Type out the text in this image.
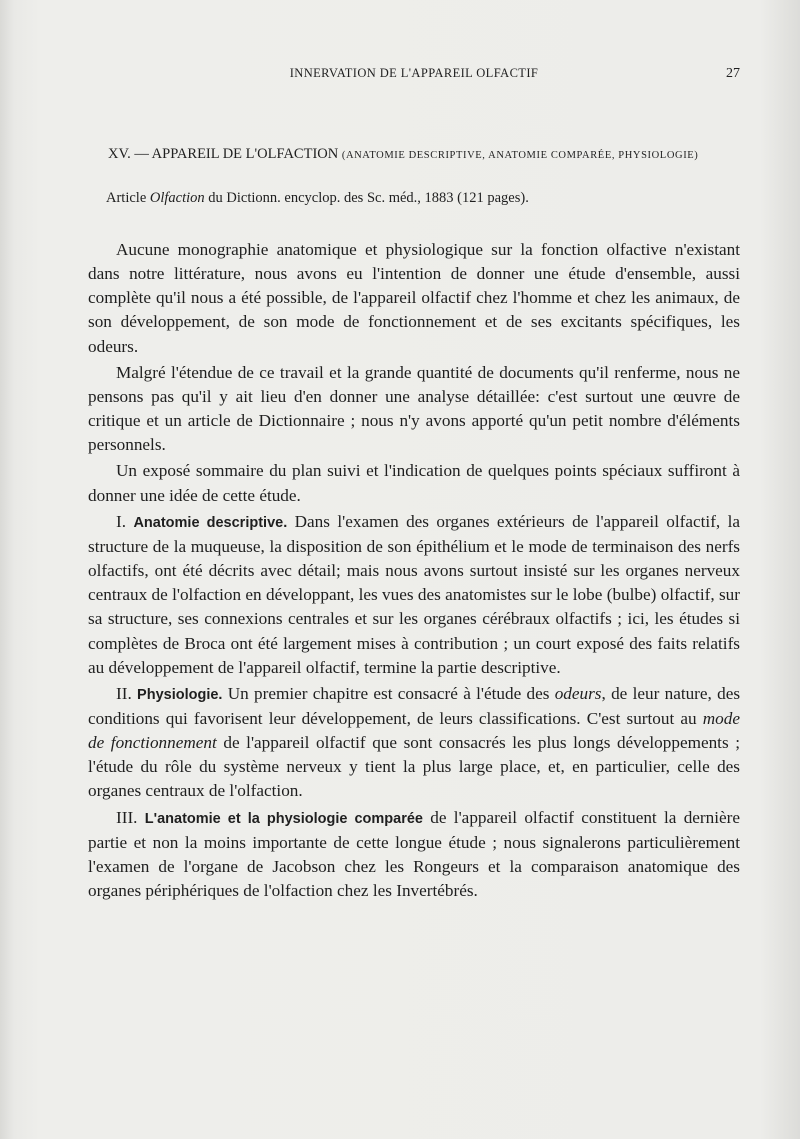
INNERVATION DE L'APPAREIL OLFACTIF	27
XV. — APPAREIL DE L'OLFACTION (ANATOMIE DESCRIPTIVE, ANATOMIE COMPARÉE, PHYSIOLOGIE)
Article Olfaction du Dictionn. encyclop. des Sc. méd., 1883 (121 pages).

Aucune monographie anatomique et physiologique sur la fonction olfactive n'existant dans notre littérature, nous avons eu l'intention de donner une étude d'ensemble, aussi complète qu'il nous a été possible, de l'appareil olfactif chez l'homme et chez les animaux, de son développement, de son mode de fonctionnement et de ses excitants spécifiques, les odeurs.

Malgré l'étendue de ce travail et la grande quantité de documents qu'il renferme, nous ne pensons pas qu'il y ait lieu d'en donner une analyse détaillée: c'est surtout une œuvre de critique et un article de Dictionnaire ; nous n'y avons apporté qu'un petit nombre d'éléments personnels.

Un exposé sommaire du plan suivi et l'indication de quelques points spéciaux suffiront à donner une idée de cette étude.

I. Anatomie descriptive. Dans l'examen des organes extérieurs de l'appareil olfactif, la structure de la muqueuse, la disposition de son épithélium et le mode de terminaison des nerfs olfactifs, ont été décrits avec détail; mais nous avons surtout insisté sur les organes nerveux centraux de l'olfaction en développant, les vues des anatomistes sur le lobe (bulbe) olfactif, sur sa structure, ses connexions centrales et sur les organes cérébraux olfactifs ; ici, les études si complètes de Broca ont été largement mises à contribution ; un court exposé des faits relatifs au développement de l'appareil olfactif, termine la partie descriptive.

II. Physiologie. Un premier chapitre est consacré à l'étude des odeurs, de leur nature, des conditions qui favorisent leur développement, de leurs classifications. C'est surtout au mode de fonctionnement de l'appareil olfactif que sont consacrés les plus longs développements ; l'étude du rôle du système nerveux y tient la plus large place, et, en particulier, celle des organes centraux de l'olfaction.

III. L'anatomie et la physiologie comparée de l'appareil olfactif constituent la dernière partie et non la moins importante de cette longue étude ; nous signalerons particulièrement l'examen de l'organe de Jacobson chez les Rongeurs et la comparaison anatomique des organes périphériques de l'olfaction chez les Invertébrés.
